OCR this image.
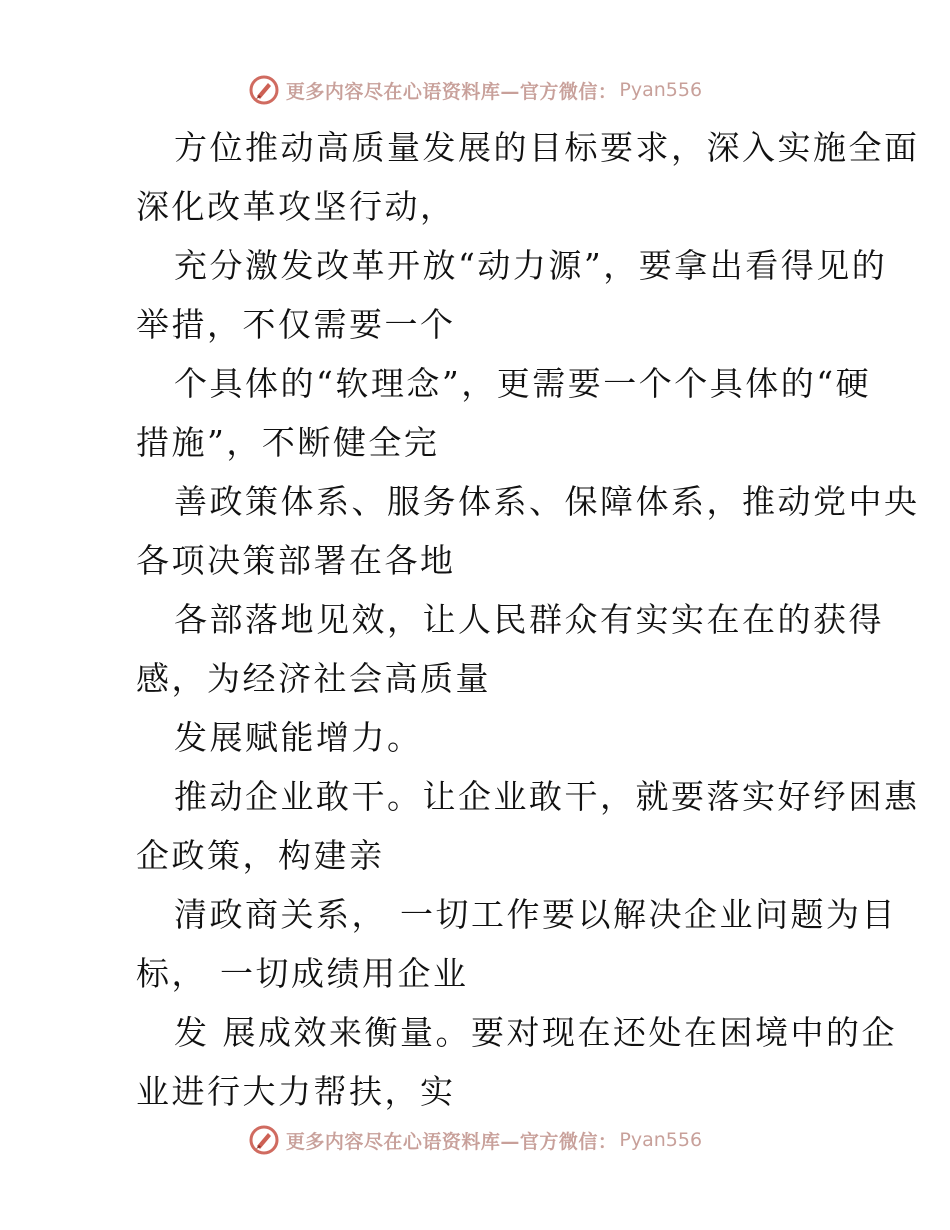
更多内容尽在心语资料库—官方微信： Pyan556
方位推动高质量发展的目标要求，深入实施全面
深化改革攻坚行动，
充分激发改革开放“动力源”，要拿出看得见的
举措，不仅需要一个
个具体的“软理念”，更需要一个个具体的“硬
措施”，不断健全完
善政策体系、服务体系、保障体系，推动党中央
各项决策部署在各地
各部落地见效，让人民群众有实实在在的获得
感，为经济社会高质量
发展赋能增力。
推动企业敢干。让企业敢干，就要落实好纾困惠
企政策，构建亲
清政商关系， 一切工作要以解决企业问题为目
标， 一切成绩用企业
发 展成效来衡量。要对现在还处在困境中的企
业进行大力帮扶，实
更多内容尽在心语资料库—官方微信： Pyan556
